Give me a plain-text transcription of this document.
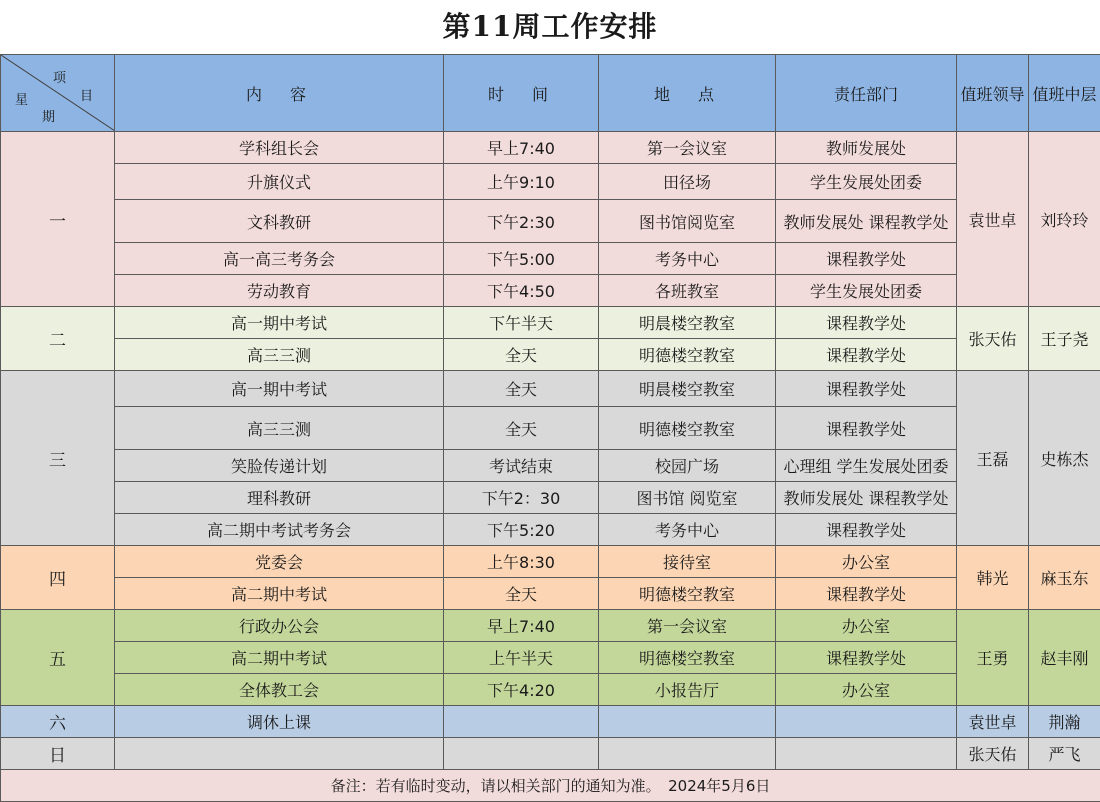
第11周工作安排
项
目
星
期	内　容	时　间	地　点	责任部门	值班领导	值班中层
一	学科组长会	早上7:40	第一会议室	教师发展处	袁世卓	刘玲玲
	升旗仪式	上午9:10	田径场	学生发展处团委		
	文科教研	下午2:30	图书馆阅览室	教师发展处 课程教学处		
	高一高三考务会	下午5:00	考务中心	课程教学处		
	劳动教育	下午4:50	各班教室	学生发展处团委		
二	高一期中考试	下午半天	明晨楼空教室	课程教学处	张天佑	王子尧
	高三三测	全天	明德楼空教室	课程教学处		
三	高一期中考试	全天	明晨楼空教室	课程教学处	王磊	史栋杰
	高三三测	全天	明德楼空教室	课程教学处		
	笑脸传递计划	考试结束	校园广场	心理组 学生发展处团委		
	理科教研	下午2：30	图书馆 阅览室	教师发展处 课程教学处		
	高二期中考试考务会	下午5:20	考务中心	课程教学处		
四	党委会	上午8:30	接待室	办公室	韩光	麻玉东
	高二期中考试	全天	明德楼空教室	课程教学处		
五	行政办公会	早上7:40	第一会议室	办公室	王勇	赵丰刚
	高二期中考试	上午半天	明德楼空教室	课程教学处		
	全体教工会	下午4:20	小报告厅	办公室		
六	调休上课				袁世卓	荆瀚
日					张天佑	严飞
备注：若有临时变动，请以相关部门的通知为准。　2024年5月6日						
